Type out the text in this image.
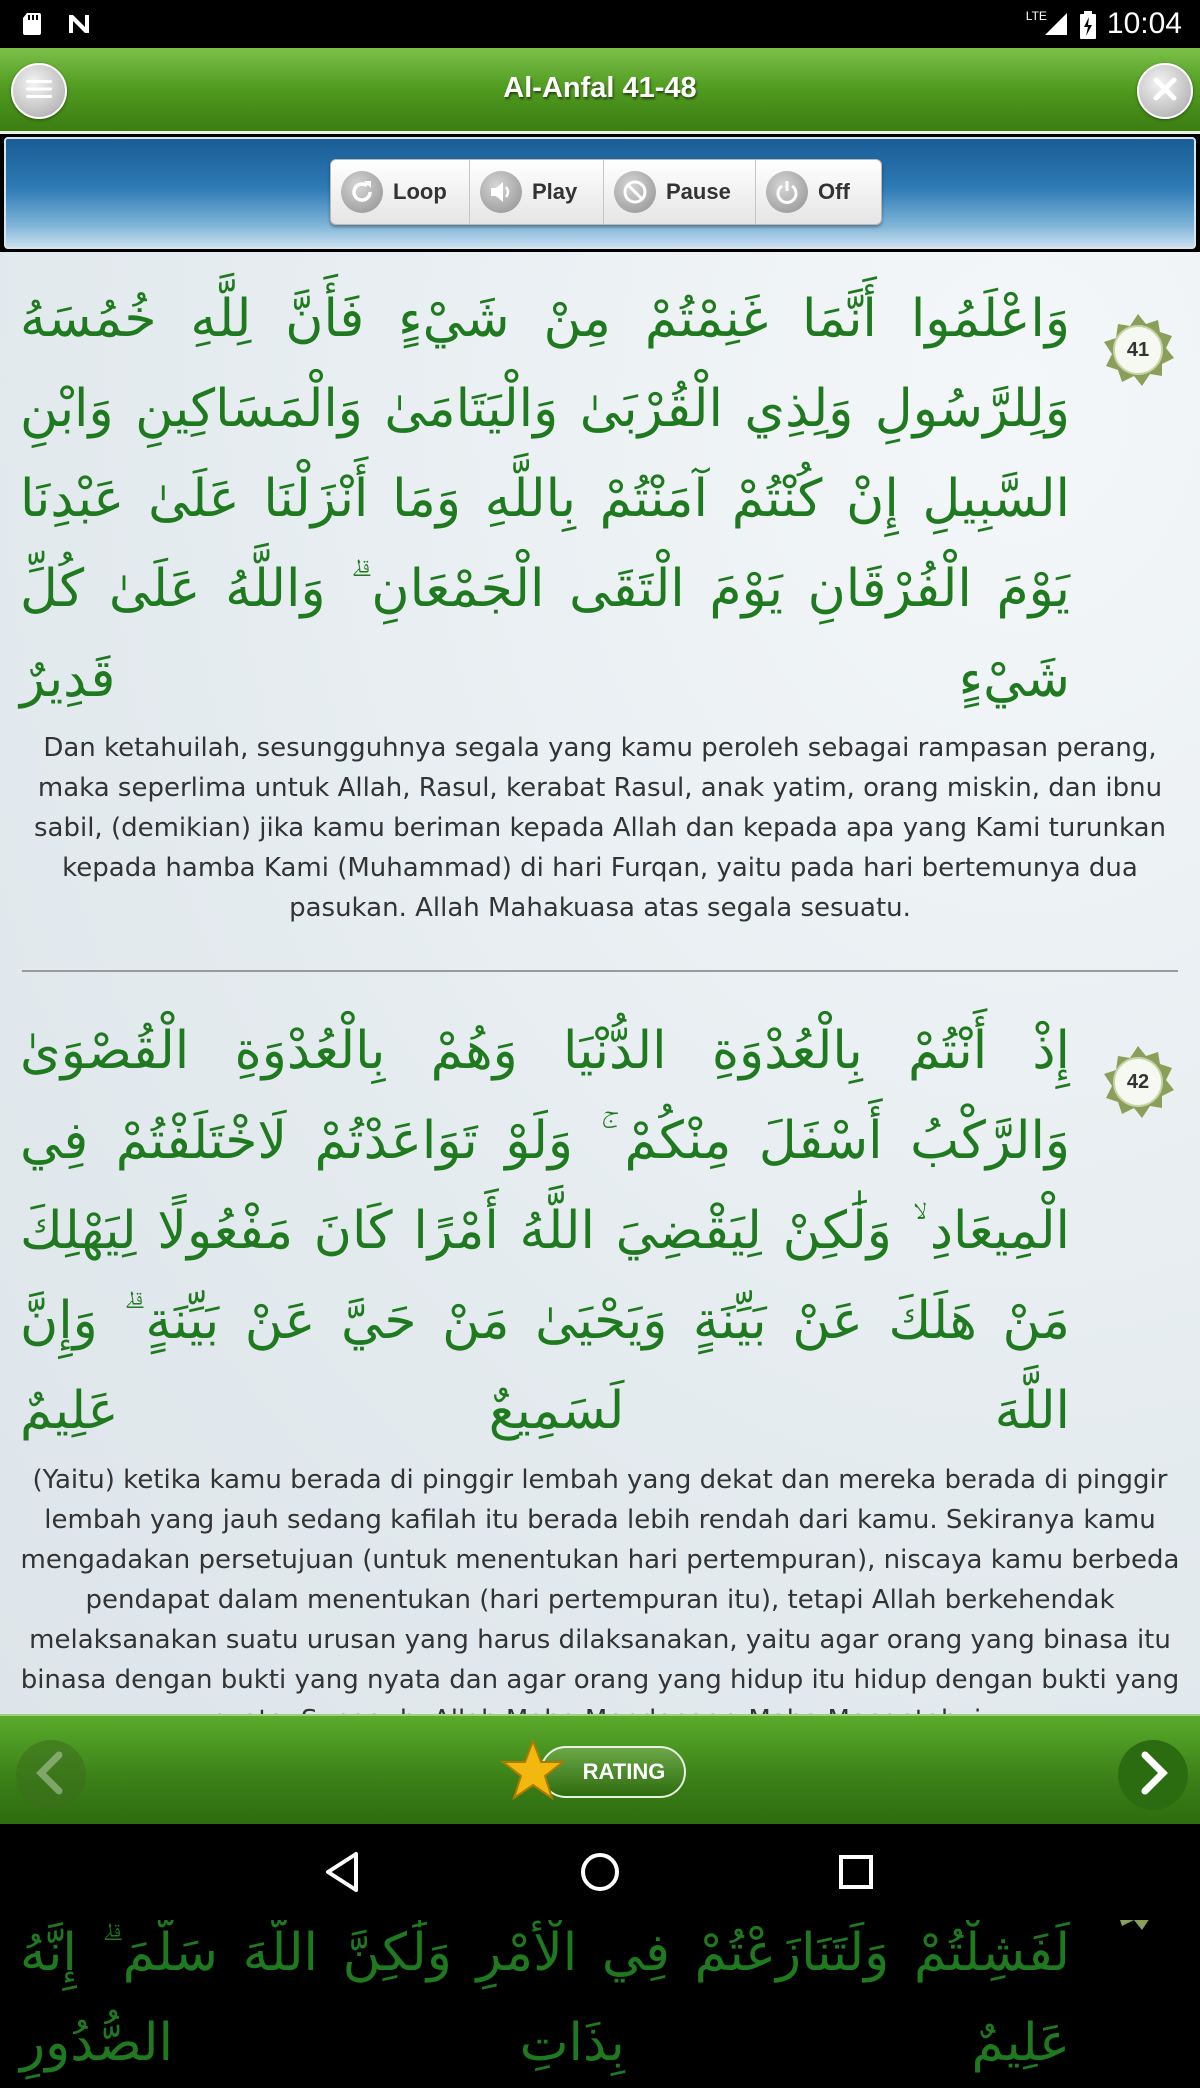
LTE 10:04
Al-Anfal 41-48
Loop	Play	Pause	Off
41
وَاعْلَمُوا أَنَّمَا غَنِمْتُمْ مِنْ شَيْءٍ فَأَنَّ لِلَّهِ خُمُسَهُ وَلِلرَّسُولِ وَلِذِي الْقُرْبَىٰ وَالْيَتَامَىٰ وَالْمَسَاكِينِ وَابْنِ السَّبِيلِ إِنْ كُنْتُمْ آمَنْتُمْ بِاللَّهِ وَمَا أَنْزَلْنَا عَلَىٰ عَبْدِنَا يَوْمَ الْفُرْقَانِ يَوْمَ الْتَقَى الْجَمْعَانِ ۗ وَاللَّهُ عَلَىٰ كُلِّ شَيْءٍ قَدِيرٌ
Dan ketahuilah, sesungguhnya segala yang kamu peroleh sebagai rampasan perang, maka seperlima untuk Allah, Rasul, kerabat Rasul, anak yatim, orang miskin, dan ibnu sabil, (demikian) jika kamu beriman kepada Allah dan kepada apa yang Kami turunkan kepada hamba Kami (Muhammad) di hari Furqan, yaitu pada hari bertemunya dua pasukan. Allah Mahakuasa atas segala sesuatu.
42
إِذْ أَنْتُمْ بِالْعُدْوَةِ الدُّنْيَا وَهُمْ بِالْعُدْوَةِ الْقُصْوَىٰ وَالرَّكْبُ أَسْفَلَ مِنْكُمْ ۚ وَلَوْ تَوَاعَدْتُمْ لَاخْتَلَفْتُمْ فِي الْمِيعَادِ ۙ وَلَٰكِنْ لِيَقْضِيَ اللَّهُ أَمْرًا كَانَ مَفْعُولًا لِيَهْلِكَ مَنْ هَلَكَ عَنْ بَيِّنَةٍ وَيَحْيَىٰ مَنْ حَيَّ عَنْ بَيِّنَةٍ ۗ وَإِنَّ اللَّهَ لَسَمِيعٌ عَلِيمٌ
(Yaitu) ketika kamu berada di pinggir lembah yang dekat dan mereka berada di pinggir lembah yang jauh sedang kafilah itu berada lebih rendah dari kamu. Sekiranya kamu mengadakan persetujuan (untuk menentukan hari pertempuran), niscaya kamu berbeda pendapat dalam menentukan (hari pertempuran itu), tetapi Allah berkehendak melaksanakan suatu urusan yang harus dilaksanakan, yaitu agar orang yang binasa itu binasa dengan bukti yang nyata dan agar orang yang hidup itu hidup dengan bukti yang
لَفَشِلْتُمْ وَلَتَنَازَعْتُمْ فِي الْأَمْرِ وَلَٰكِنَّ اللَّهَ سَلَّمَ ۗ إِنَّهُ عَلِيمٌ بِذَاتِ الصُّدُورِ
RATING
